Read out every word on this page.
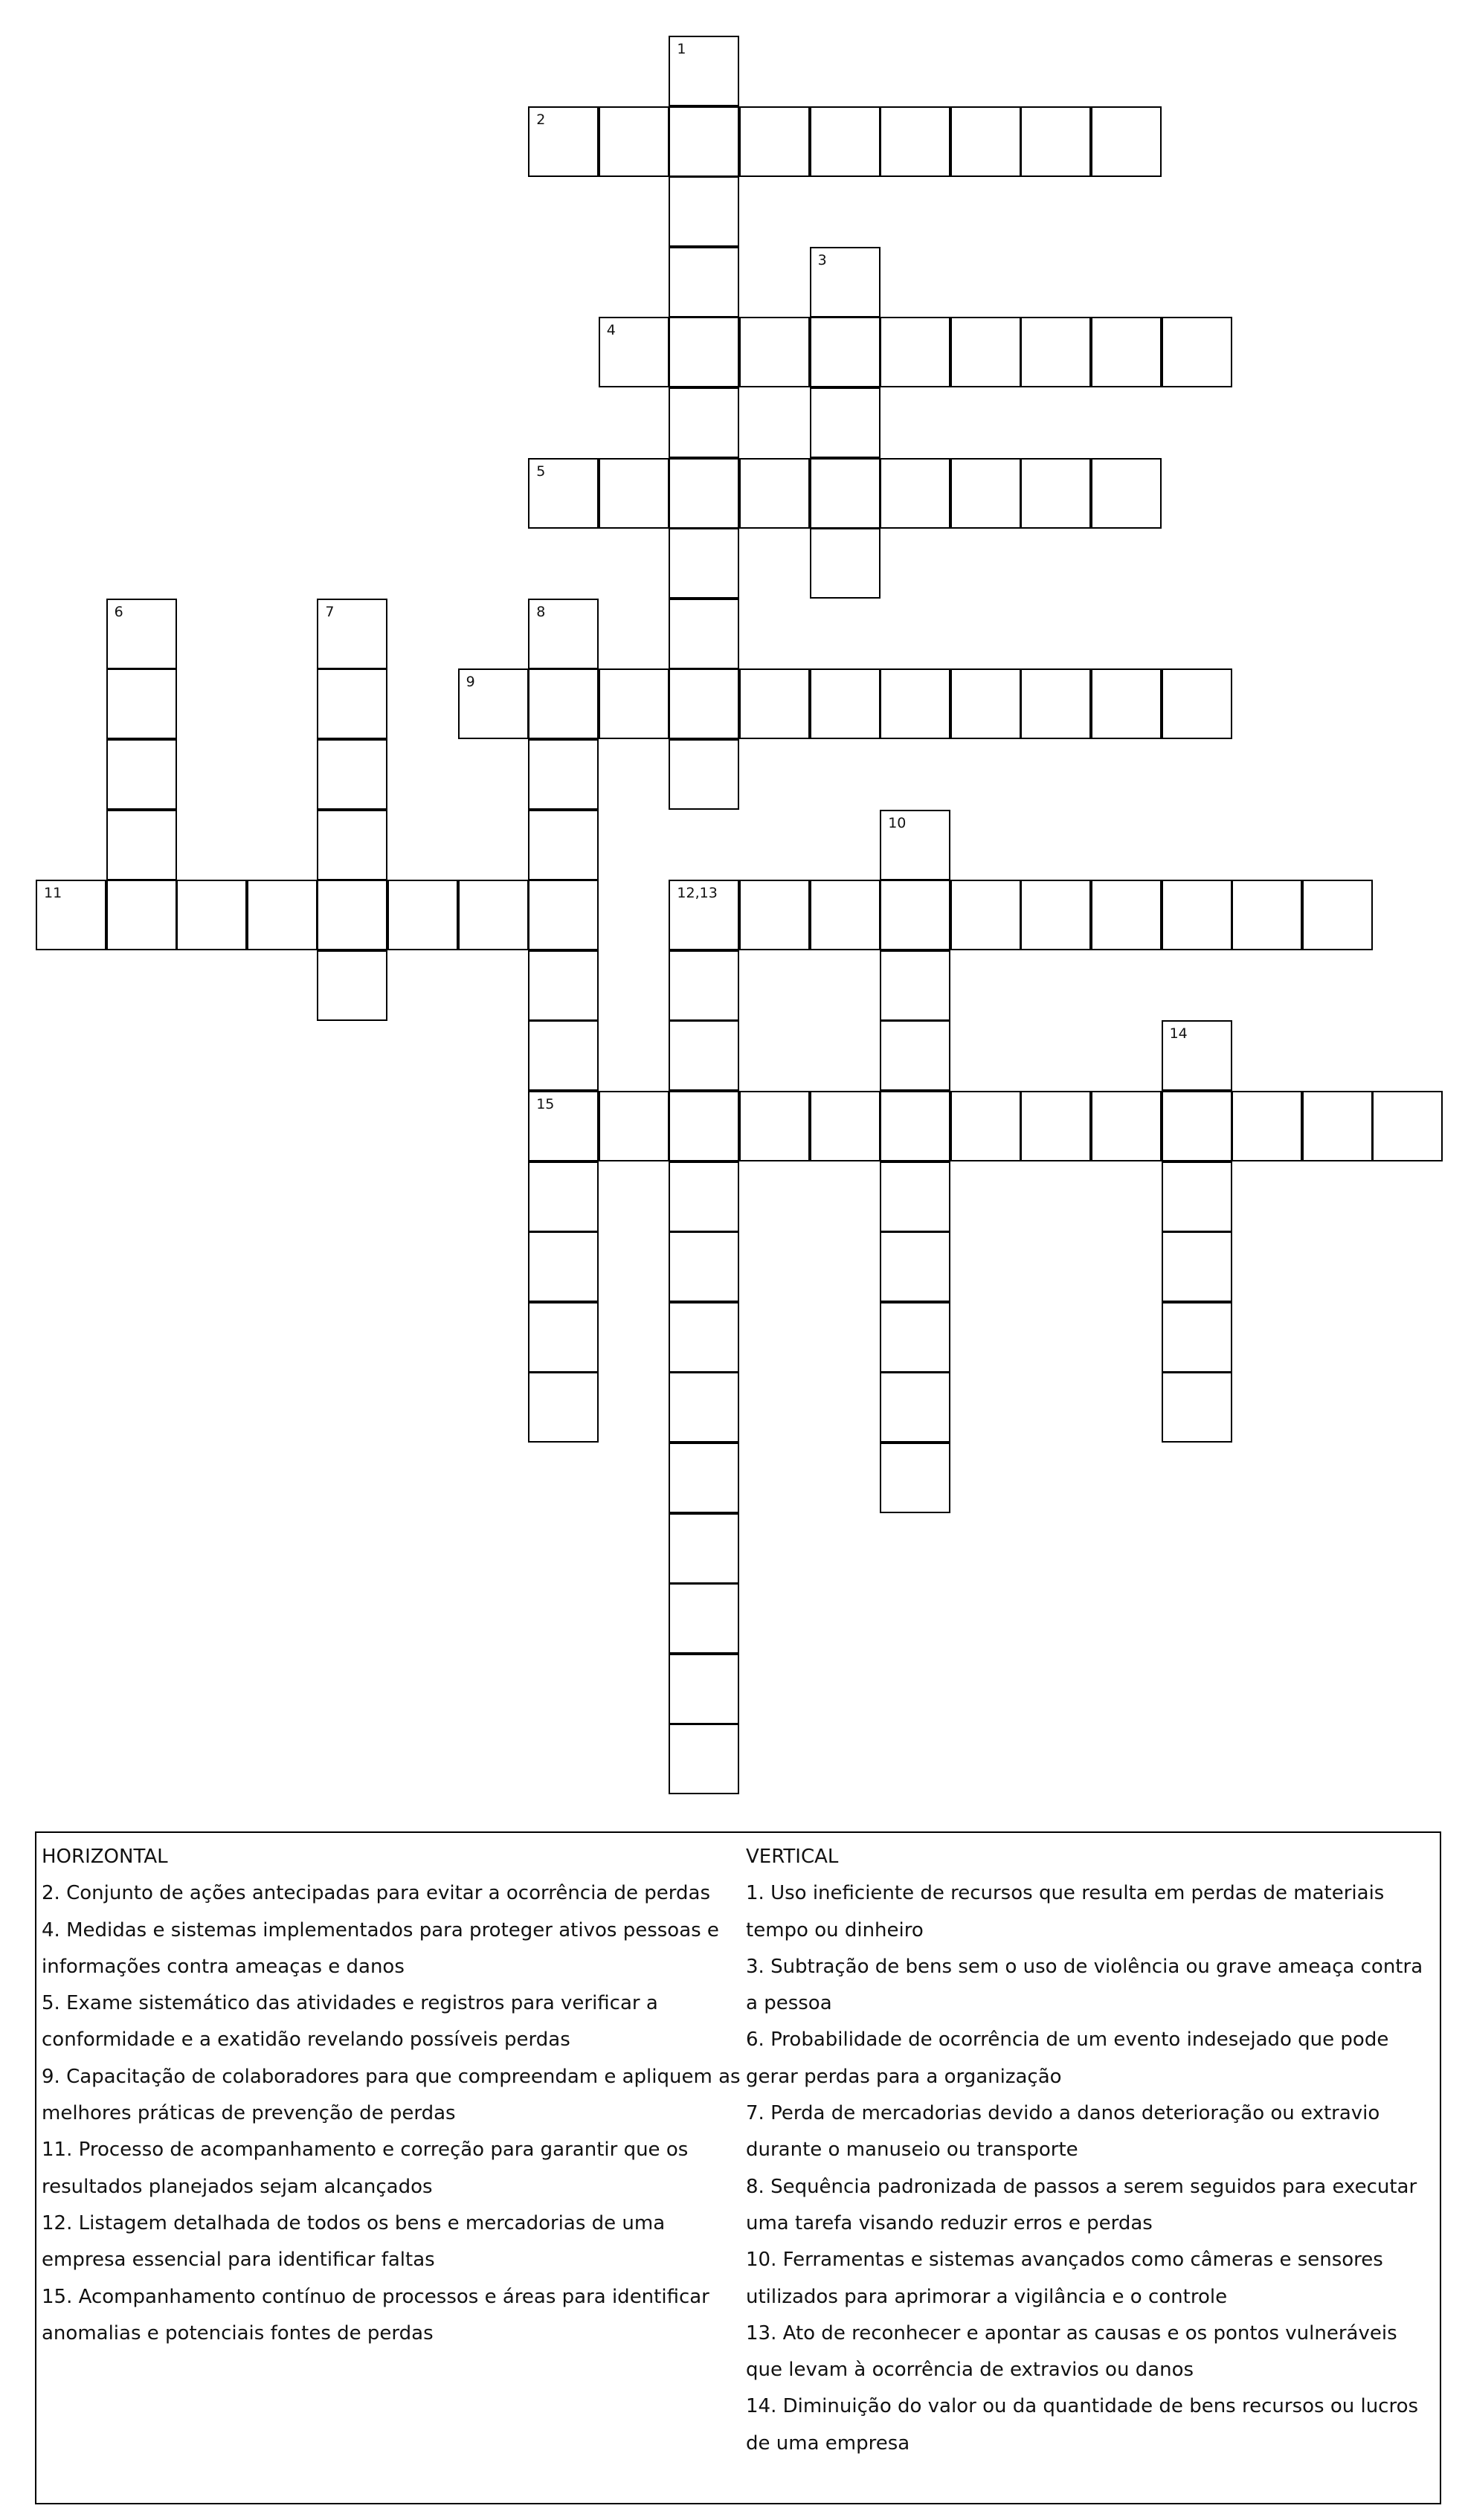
2
4
5
9
11	12,13
15
1
3
6	7	8
10
14
HORIZONTAL
2. Conjunto de ações antecipadas para evitar a ocorrência de perdas
4. Medidas e sistemas implementados para proteger ativos pessoas e informações contra ameaças e danos
5. Exame sistemático das atividades e registros para verificar a conformidade e a exatidão revelando possíveis perdas
9. Capacitação de colaboradores para que compreendam e apliquem as melhores práticas de prevenção de perdas
11. Processo de acompanhamento e correção para garantir que os resultados planejados sejam alcançados
12. Listagem detalhada de todos os bens e mercadorias de uma empresa essencial para identificar faltas
15. Acompanhamento contínuo de processos e áreas para identificar anomalias e potenciais fontes de perdas
VERTICAL
1. Uso ineficiente de recursos que resulta em perdas de materiais tempo ou dinheiro
3. Subtração de bens sem o uso de violência ou grave ameaça contra a pessoa
6. Probabilidade de ocorrência de um evento indesejado que pode gerar perdas para a organização
7. Perda de mercadorias devido a danos deterioração ou extravio durante o manuseio ou transporte
8. Sequência padronizada de passos a serem seguidos para executar uma tarefa visando reduzir erros e perdas
10. Ferramentas e sistemas avançados como câmeras e sensores utilizados para aprimorar a vigilância e o controle
13. Ato de reconhecer e apontar as causas e os pontos vulneráveis que levam à ocorrência de extravios ou danos
14. Diminuição do valor ou da quantidade de bens recursos ou lucros de uma empresa
